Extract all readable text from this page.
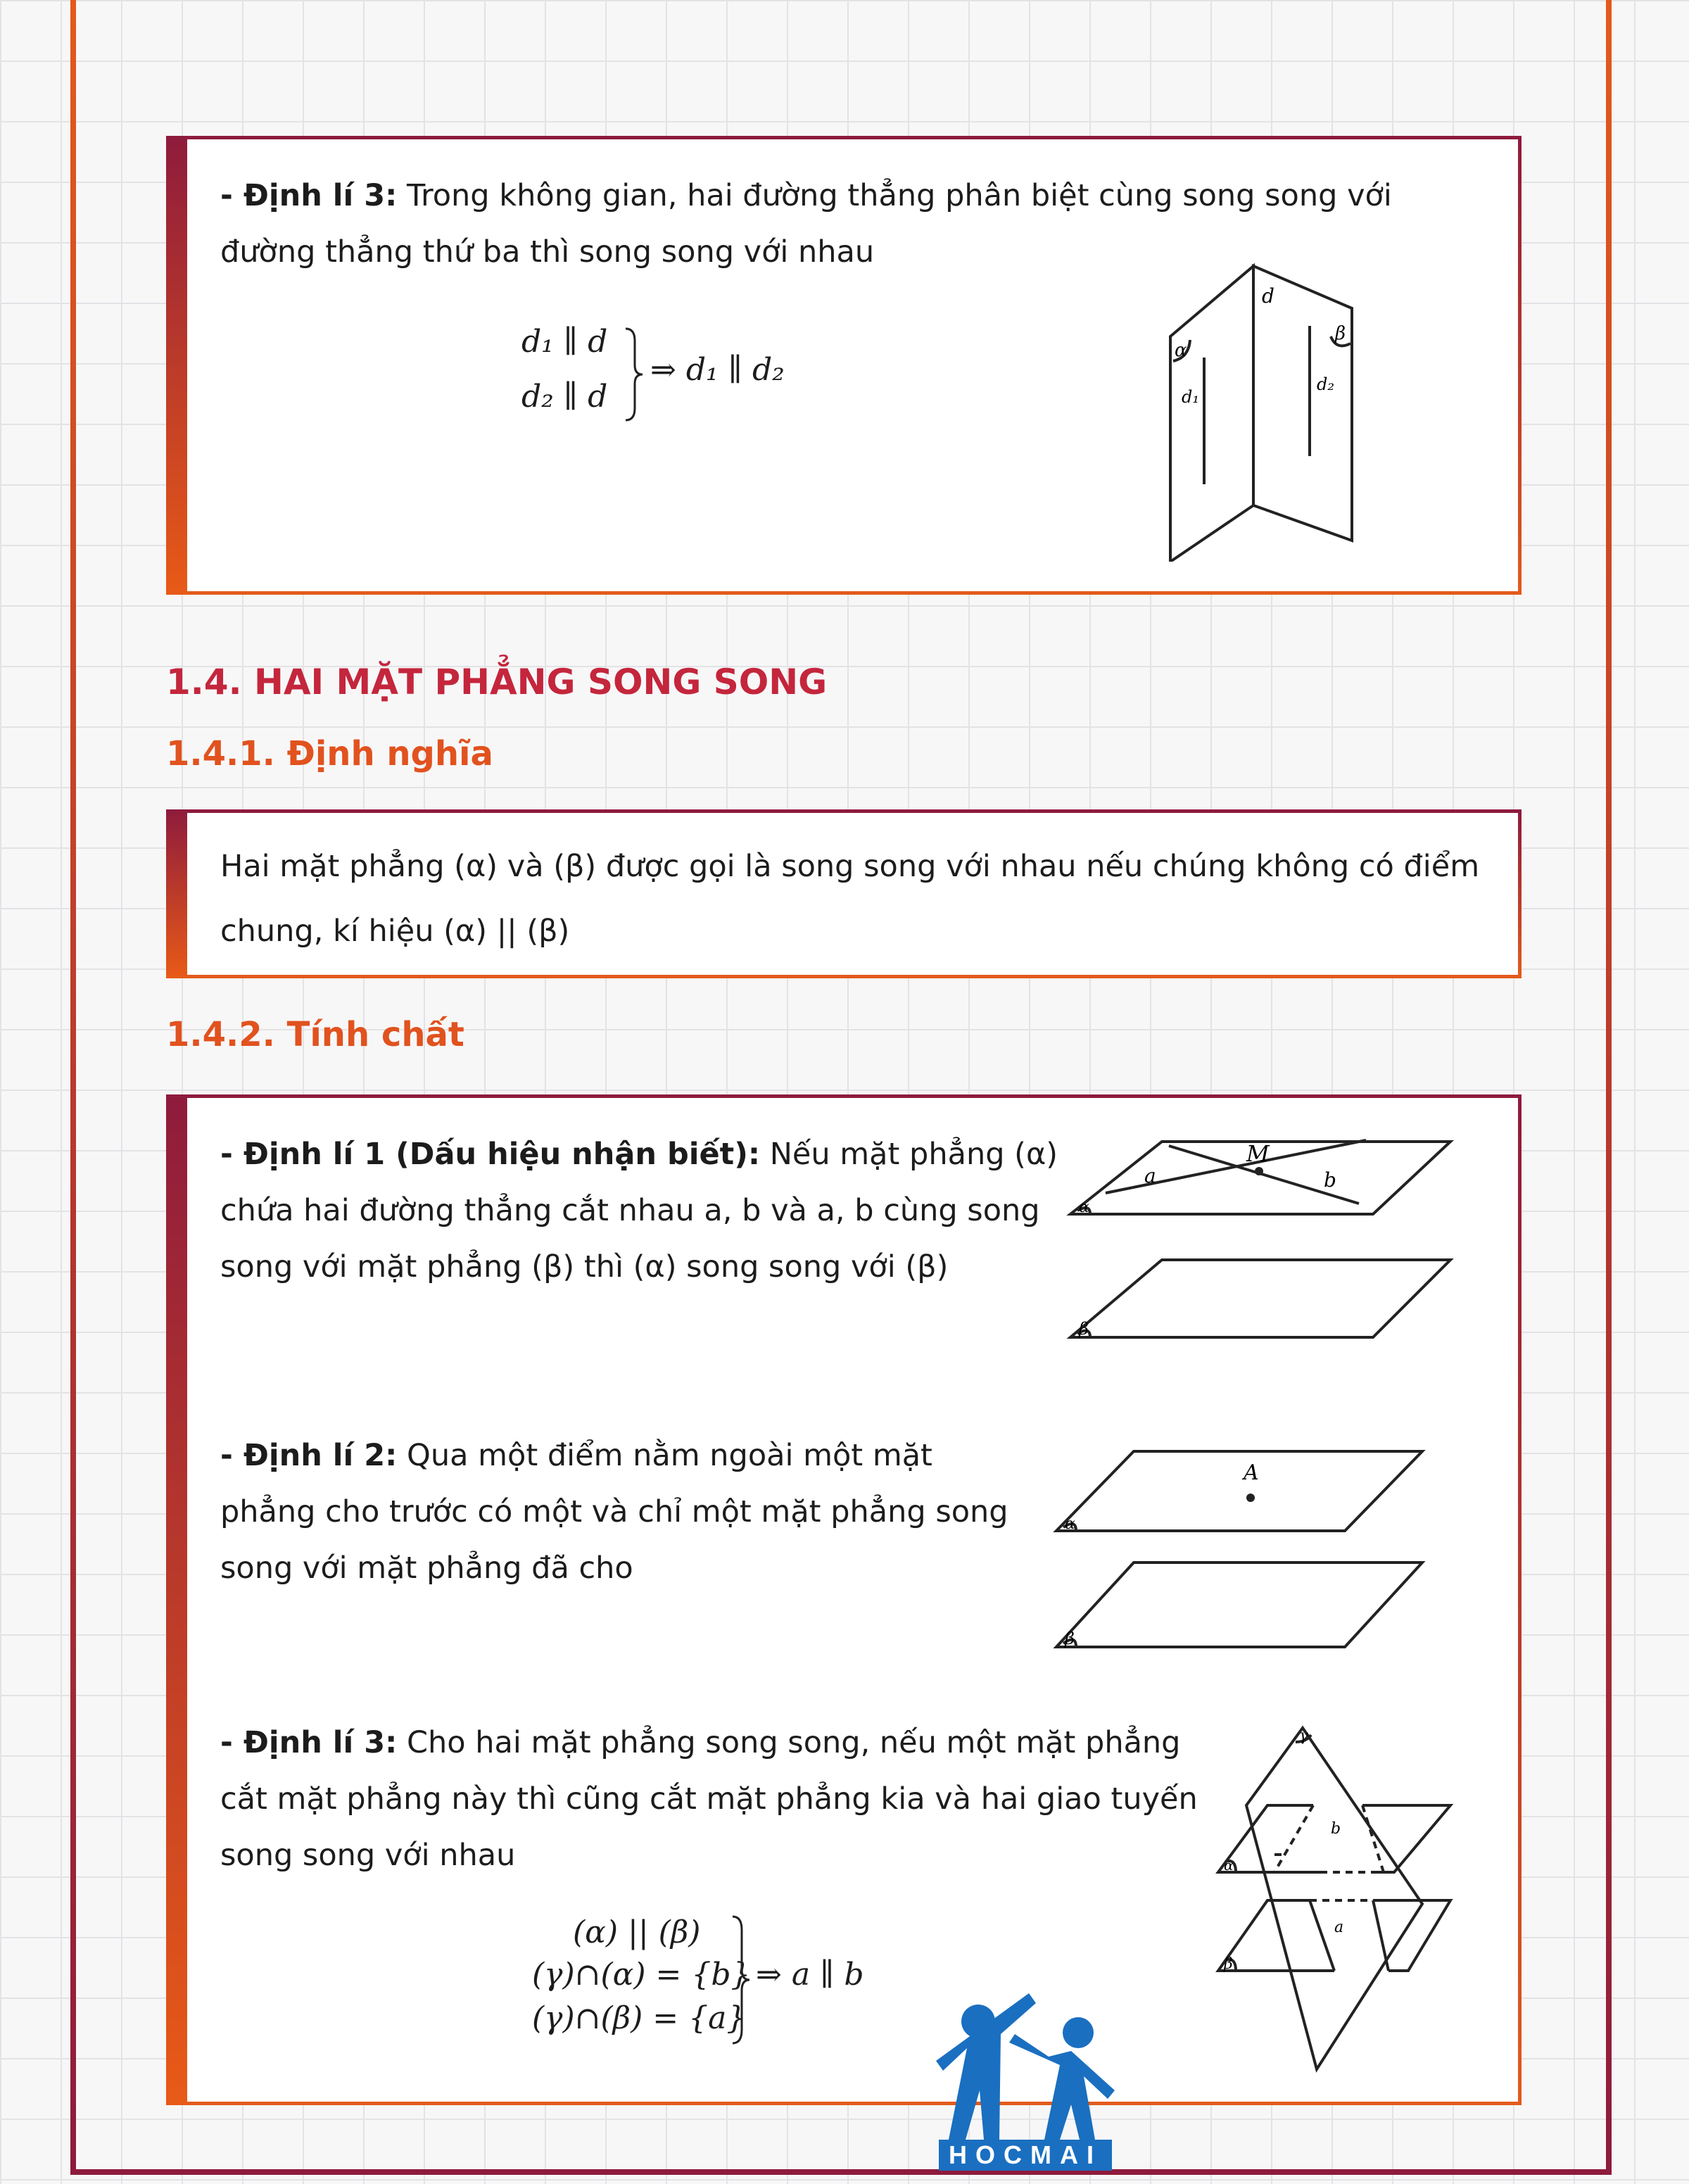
- Định lí 3: Trong không gian, hai đường thẳng phân biệt cùng song song với đường thẳng thứ ba thì song song với nhau
d₁ ∥ d
d₂ ∥ d
⇒ d₁ ∥ d₂
α
β
d
d₁
d₂
1.4. HAI MẶT PHẲNG SONG SONG
1.4.1. Định nghĩa
Hai mặt phẳng (α) và (β) được gọi là song song với nhau nếu chúng không có điểm chung, kí hiệu (α) || (β)
1.4.2. Tính chất
- Định lí 1 (Dấu hiệu nhận biết): Nếu mặt phẳng (α) chứa hai đường thẳng cắt nhau a, b và a, b cùng song song với mặt phẳng (β) thì (α) song song với (β)
M
a	b
α
β
- Định lí 2: Qua một điểm nằm ngoài một mặt phẳng cho trước có một và chỉ một mặt phẳng song song với mặt phẳng đã cho
A
α
β
- Định lí 3: Cho hai mặt phẳng song song, nếu một mặt phẳng cắt mặt phẳng này thì cũng cắt mặt phẳng kia và hai giao tuyến song song với nhau
(α) || (β)
(γ)∩(α) = {b}
(γ)∩(β) = {a}
⇒ a ∥ b
γ
b
a
α
β
HOCMAI
